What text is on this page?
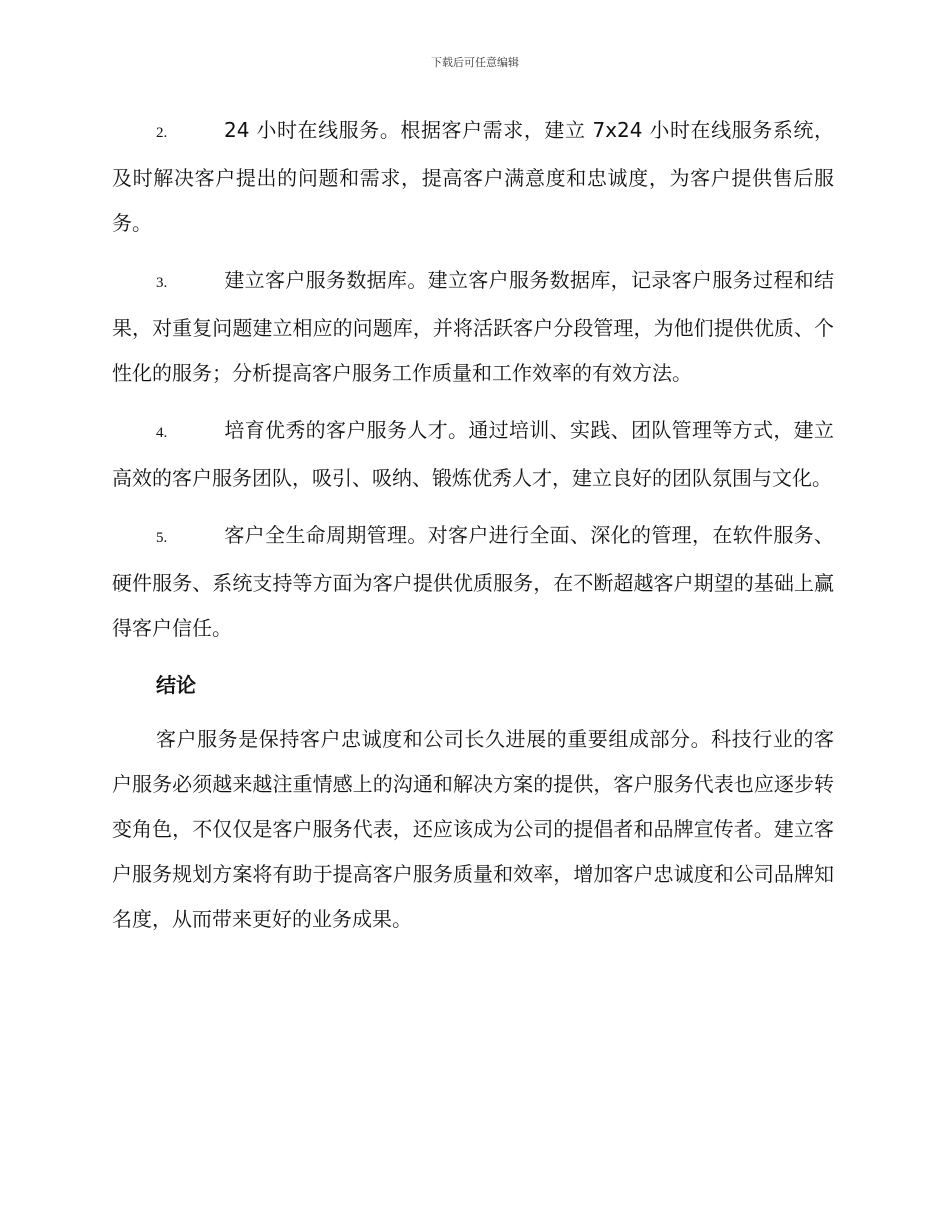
下载后可任意编辑

2.	24 小时在线服务。根据客户需求，建立 7x24 小时在线服务系统，及时解决客户提出的问题和需求，提高客户满意度和忠诚度，为客户提供售后服务。

3.	建立客户服务数据库。建立客户服务数据库，记录客户服务过程和结果，对重复问题建立相应的问题库，并将活跃客户分段管理，为他们提供优质、个性化的服务；分析提高客户服务工作质量和工作效率的有效方法。

4.	培育优秀的客户服务人才。通过培训、实践、团队管理等方式，建立高效的客户服务团队，吸引、吸纳、锻炼优秀人才，建立良好的团队氛围与文化。

5.	客户全生命周期管理。对客户进行全面、深化的管理，在软件服务、硬件服务、系统支持等方面为客户提供优质服务，在不断超越客户期望的基础上赢得客户信任。

结论

客户服务是保持客户忠诚度和公司长久进展的重要组成部分。科技行业的客户服务必须越来越注重情感上的沟通和解决方案的提供，客户服务代表也应逐步转变角色，不仅仅是客户服务代表，还应该成为公司的提倡者和品牌宣传者。建立客户服务规划方案将有助于提高客户服务质量和效率，增加客户忠诚度和公司品牌知名度，从而带来更好的业务成果。
